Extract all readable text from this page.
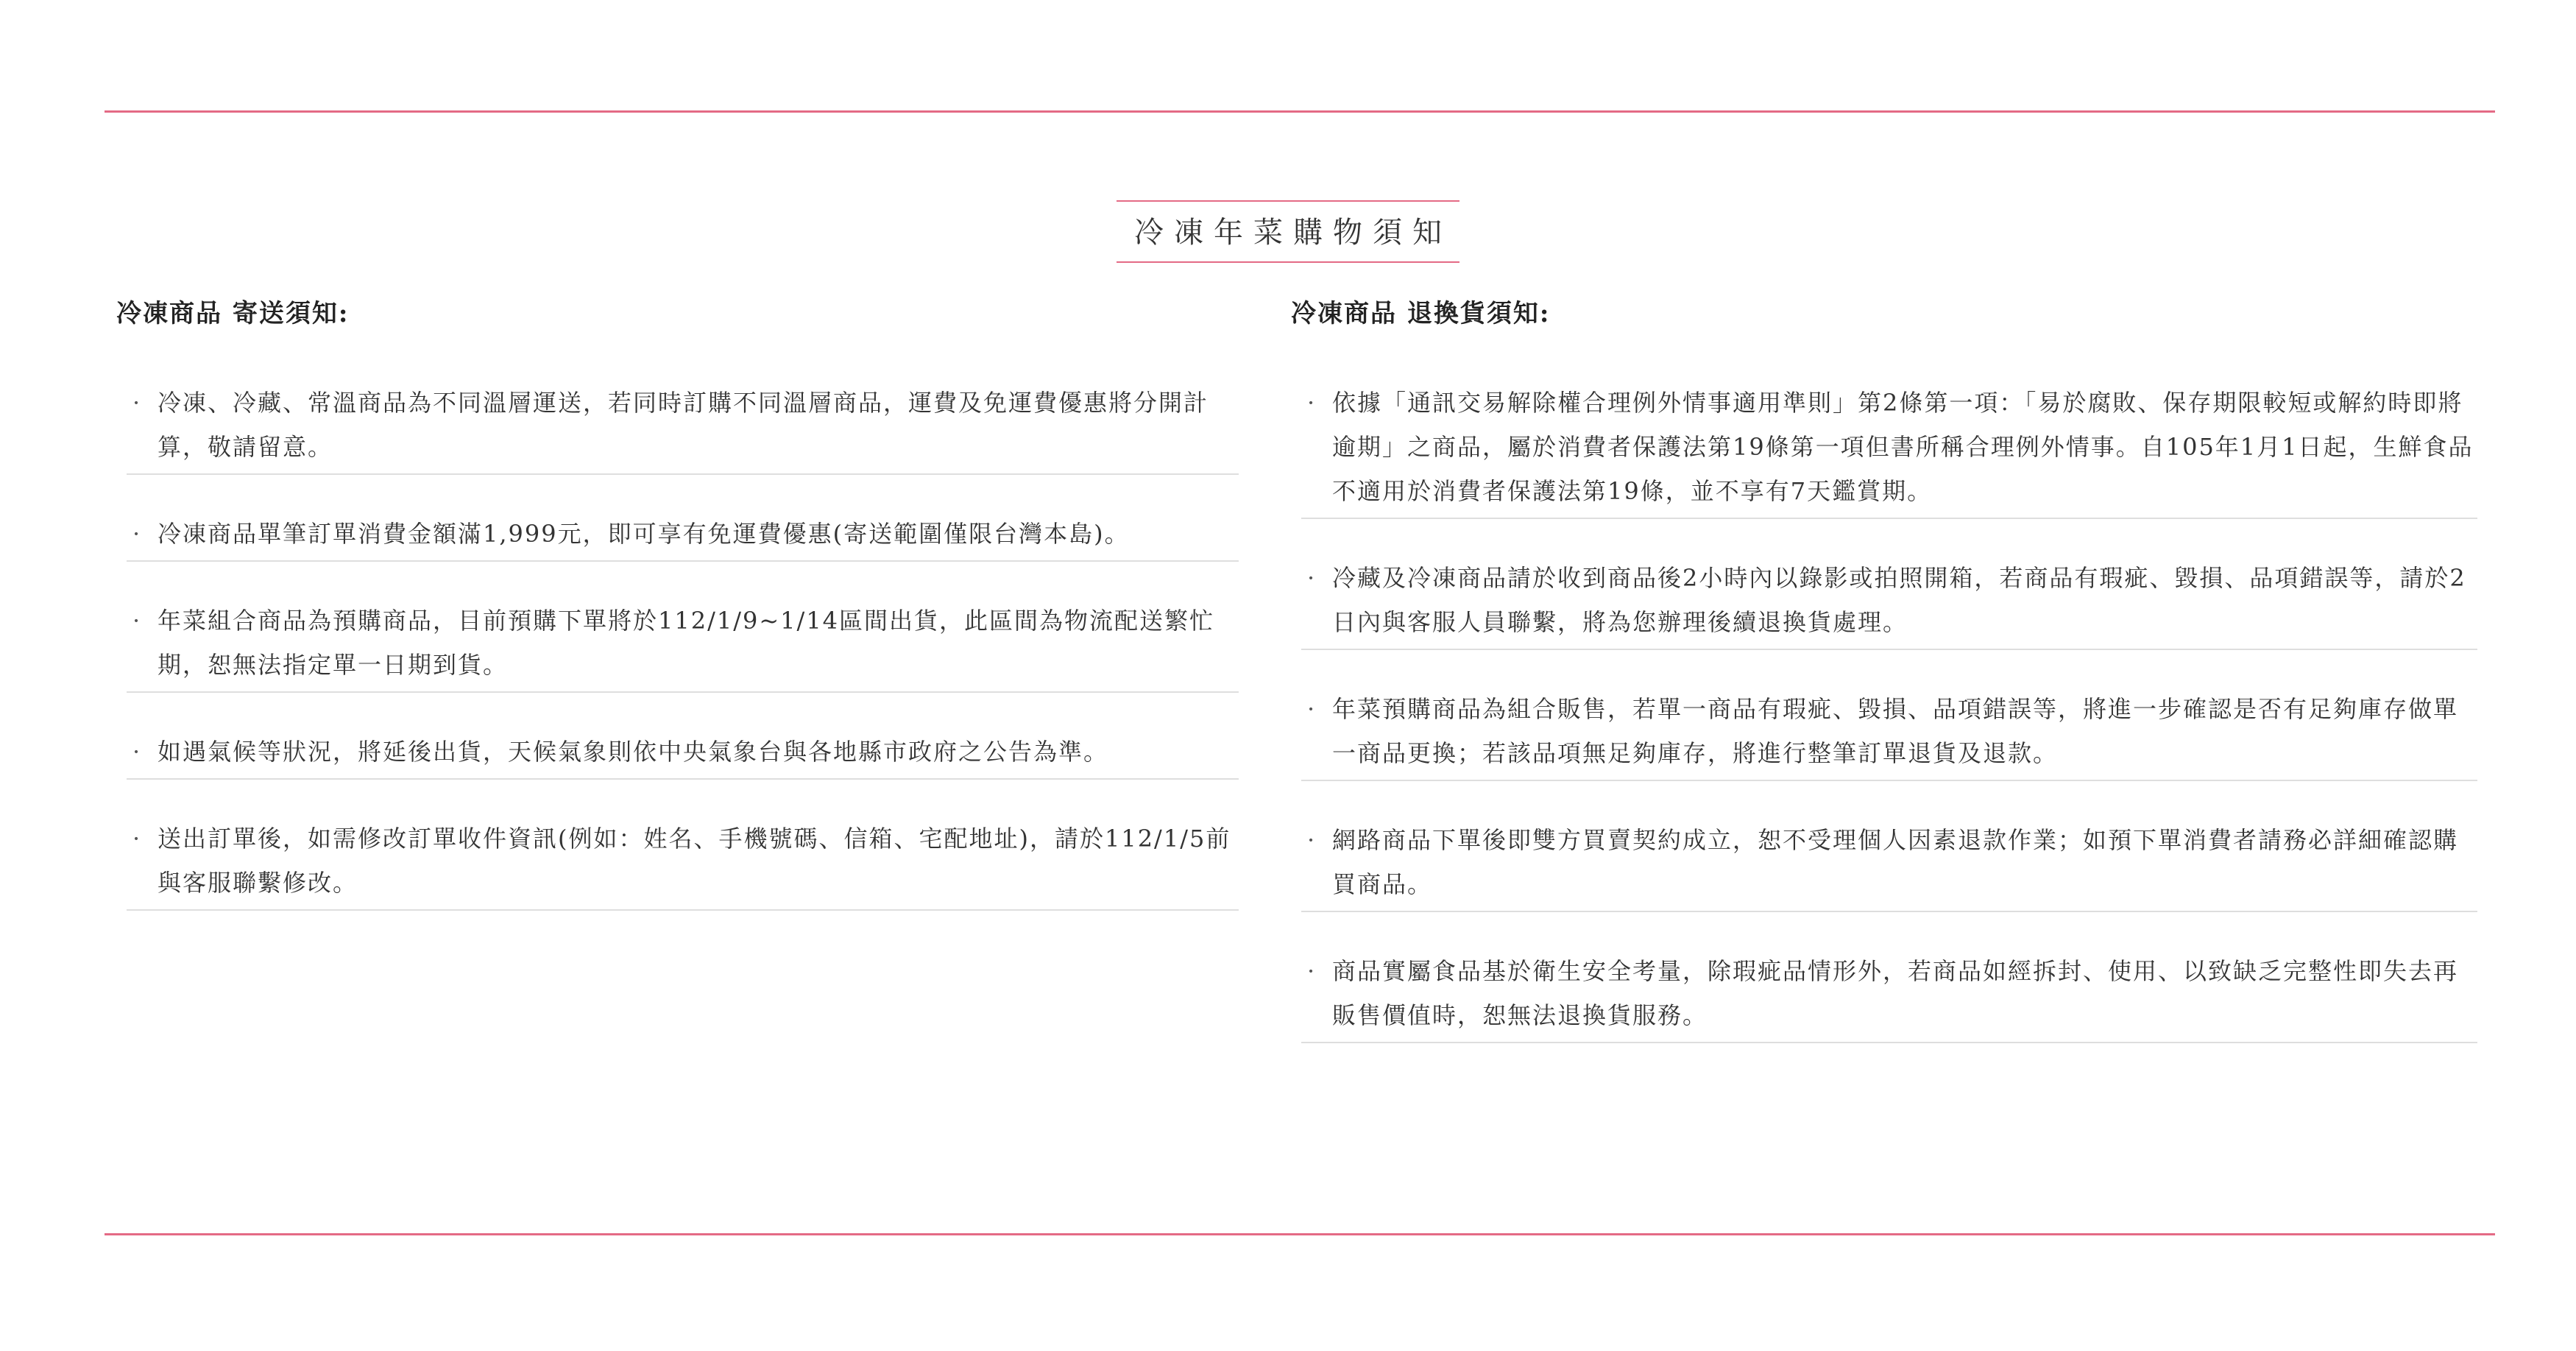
冷凍年菜購物須知
冷凍商品 寄送須知:
· 冷凍、冷藏、常溫商品為不同溫層運送，若同時訂購不同溫層商品，運費及免運費優惠將分開計算，敬請留意。
· 冷凍商品單筆訂單消費金額滿1,999元，即可享有免運費優惠(寄送範圍僅限台灣本島)。
· 年菜組合商品為預購商品，目前預購下單將於112/1/9~1/14區間出貨，此區間為物流配送繁忙期，恕無法指定單一日期到貨。
· 如遇氣候等狀況，將延後出貨，天候氣象則依中央氣象台與各地縣市政府之公告為準。
· 送出訂單後，如需修改訂單收件資訊(例如：姓名、手機號碼、信箱、宅配地址)，請於112/1/5前與客服聯繫修改。
冷凍商品 退換貨須知:
· 依據「通訊交易解除權合理例外情事適用準則」第2條第一項：「易於腐敗、保存期限較短或解約時即將逾期」之商品，屬於消費者保護法第19條第一項但書所稱合理例外情事。自105年1月1日起，生鮮食品不適用於消費者保護法第19條，並不享有7天鑑賞期。
· 冷藏及冷凍商品請於收到商品後2小時內以錄影或拍照開箱，若商品有瑕疵、毀損、品項錯誤等，請於2日內與客服人員聯繫，將為您辦理後續退換貨處理。
· 年菜預購商品為組合販售，若單一商品有瑕疵、毀損、品項錯誤等，將進一步確認是否有足夠庫存做單一商品更換；若該品項無足夠庫存，將進行整筆訂單退貨及退款。
· 網路商品下單後即雙方買賣契約成立，恕不受理個人因素退款作業；如預下單消費者請務必詳細確認購買商品。
· 商品實屬食品基於衛生安全考量，除瑕疵品情形外，若商品如經拆封、使用、以致缺乏完整性即失去再販售價值時，恕無法退換貨服務。
